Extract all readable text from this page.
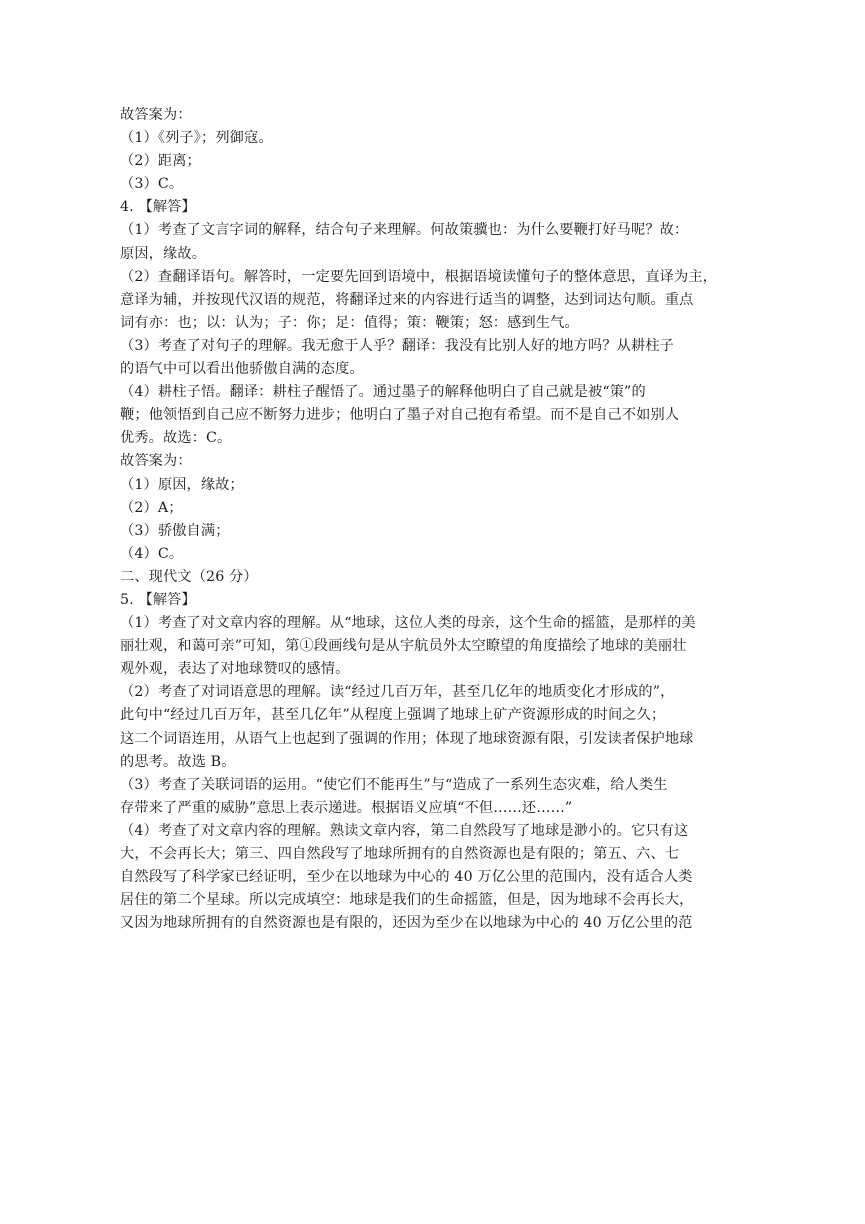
故答案为：
（1）《列子》；列御寇。
（2）距离；
（3）C。
4. 【解答】
（1）考查了文言字词的解释，结合句子来理解。何故策骥也：为什么要鞭打好马呢？故：
原因，缘故。
（2）查翻译语句。解答时，一定要先回到语境中，根据语境读懂句子的整体意思，直译为主，
意译为辅，并按现代汉语的规范，将翻译过来的内容进行适当的调整，达到词达句顺。重点
词有亦：也；以：认为；子：你；足：值得；策：鞭策；怒：感到生气。
（3）考查了对句子的理解。我无愈于人乎？翻译：我没有比别人好的地方吗？从耕柱子
的语气中可以看出他骄傲自满的态度。
（4）耕柱子悟。翻译：耕柱子醒悟了。通过墨子的解释他明白了自己就是被“策”的
鞭；他领悟到自己应不断努力进步；他明白了墨子对自己抱有希望。而不是自己不如别人
优秀。故选：C。
故答案为：
（1）原因，缘故；
（2）A；
（3）骄傲自满；
（4）C。
二、现代文（26 分）
5. 【解答】
（1）考查了对文章内容的理解。从“地球，这位人类的母亲，这个生命的摇篮，是那样的美
丽壮观，和蔼可亲”可知，第①段画线句是从宇航员外太空瞭望的角度描绘了地球的美丽壮
观外观，表达了对地球赞叹的感情。
（2）考查了对词语意思的理解。读“经过几百万年，甚至几亿年的地质变化才形成的”，
此句中“经过几百万年，甚至几亿年”从程度上强调了地球上矿产资源形成的时间之久；
这二个词语连用，从语气上也起到了强调的作用；体现了地球资源有限，引发读者保护地球
的思考。故选 B。
（3）考查了关联词语的运用。“使它们不能再生”与“造成了一系列生态灾难，给人类生
存带来了严重的威胁”意思上表示递进。根据语义应填“不但……还……”
（4）考查了对文章内容的理解。熟读文章内容，第二自然段写了地球是渺小的。它只有这
大，不会再长大；第三、四自然段写了地球所拥有的自然资源也是有限的；第五、六、七
自然段写了科学家已经证明，至少在以地球为中心的 40 万亿公里的范围内，没有适合人类
居住的第二个星球。所以完成填空：地球是我们的生命摇篮，但是，因为地球不会再长大，
又因为地球所拥有的自然资源也是有限的，还因为至少在以地球为中心的 40 万亿公里的范
